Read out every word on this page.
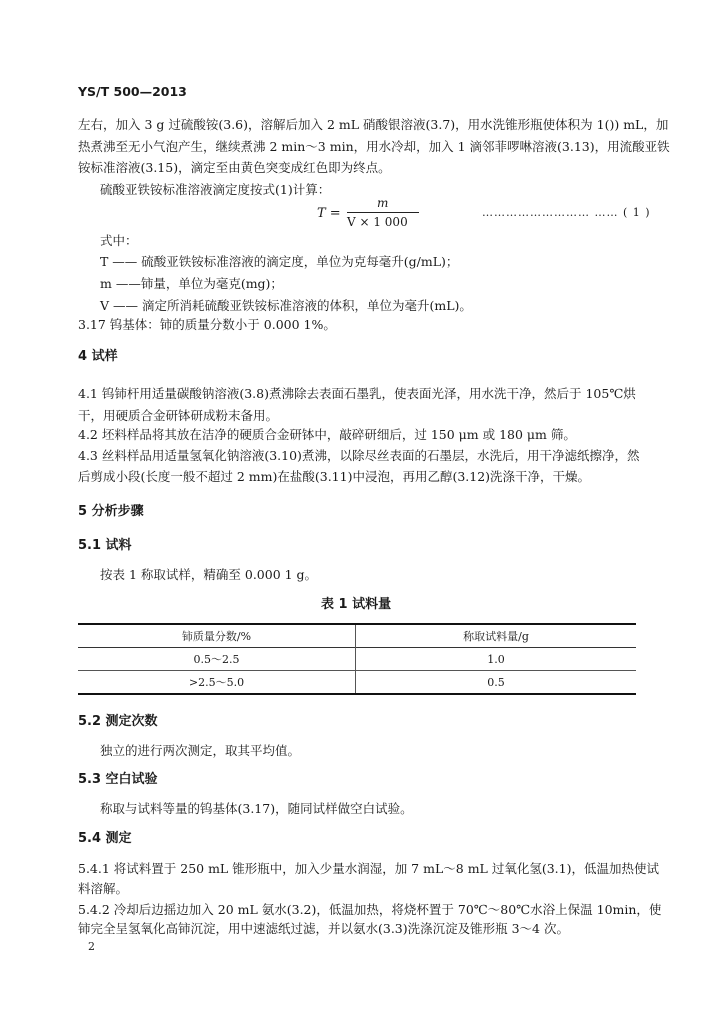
YS/T 500—2013
左右，加入 3 g 过硫酸铵(3.6)，溶解后加入 2 mL 硝酸银溶液(3.7)，用水洗锥形瓶使体积为 1()) mL，加
热煮沸至无小气泡产生，继续煮沸 2 min～3 min，用水冷却，加入 1 滴邻菲啰啉溶液(3.13)，用流酸亚铁
铵标准溶液(3.15)，滴定至由黄色突变成红色即为终点。
硫酸亚铁铵标准溶液滴定度按式(1)计算：
T =
m
V × 1 000
……………………… …… ( 1 )
式中：
T —— 硫酸亚铁铵标准溶液的滴定度，单位为克每毫升(g/mL)；
m ——铈量，单位为毫克(mg)；
V —— 滴定所消耗硫酸亚铁铵标准溶液的体积，单位为毫升(mL)。
3.17 钨基体：铈的质量分数小于 0.000 1%。
4 试样
4.1 钨铈杆用适量碳酸钠溶液(3.8)煮沸除去表面石墨乳，使表面光泽，用水洗干净，然后于 105℃烘
干，用硬质合金研钵研成粉末备用。
4.2 坯料样品将其放在洁净的硬质合金研钵中，敲碎研细后，过 150 μm 或 180 μm 筛。
4.3 丝料样品用适量氢氧化钠溶液(3.10)煮沸，以除尽丝表面的石墨层，水洗后，用干净滤纸擦净，然
后剪成小段(长度一般不超过 2 mm)在盐酸(3.11)中浸泡，再用乙醇(3.12)洗涤干净，干燥。
5 分析步骤
5.1 试料
按表 1 称取试样，精确至 0.000 1 g。
表 1 试料量
铈质量分数/%	称取试料量/g
0.5～2.5	1.0
>2.5～5.0	0.5
5.2 测定次数
独立的进行两次测定，取其平均值。
5.3 空白试验
称取与试料等量的钨基体(3.17)，随同试样做空白试验。
5.4 测定
5.4.1 将试料置于 250 mL 锥形瓶中，加入少量水润湿，加 7 mL～8 mL 过氧化氢(3.1)，低温加热使试
料溶解。
5.4.2 冷却后边摇边加入 20 mL 氨水(3.2)，低温加热，将烧杯置于 70℃～80℃水浴上保温 10min，使
铈完全呈氢氧化高铈沉淀，用中速滤纸过滤，并以氨水(3.3)洗涤沉淀及锥形瓶 3～4 次。
2
